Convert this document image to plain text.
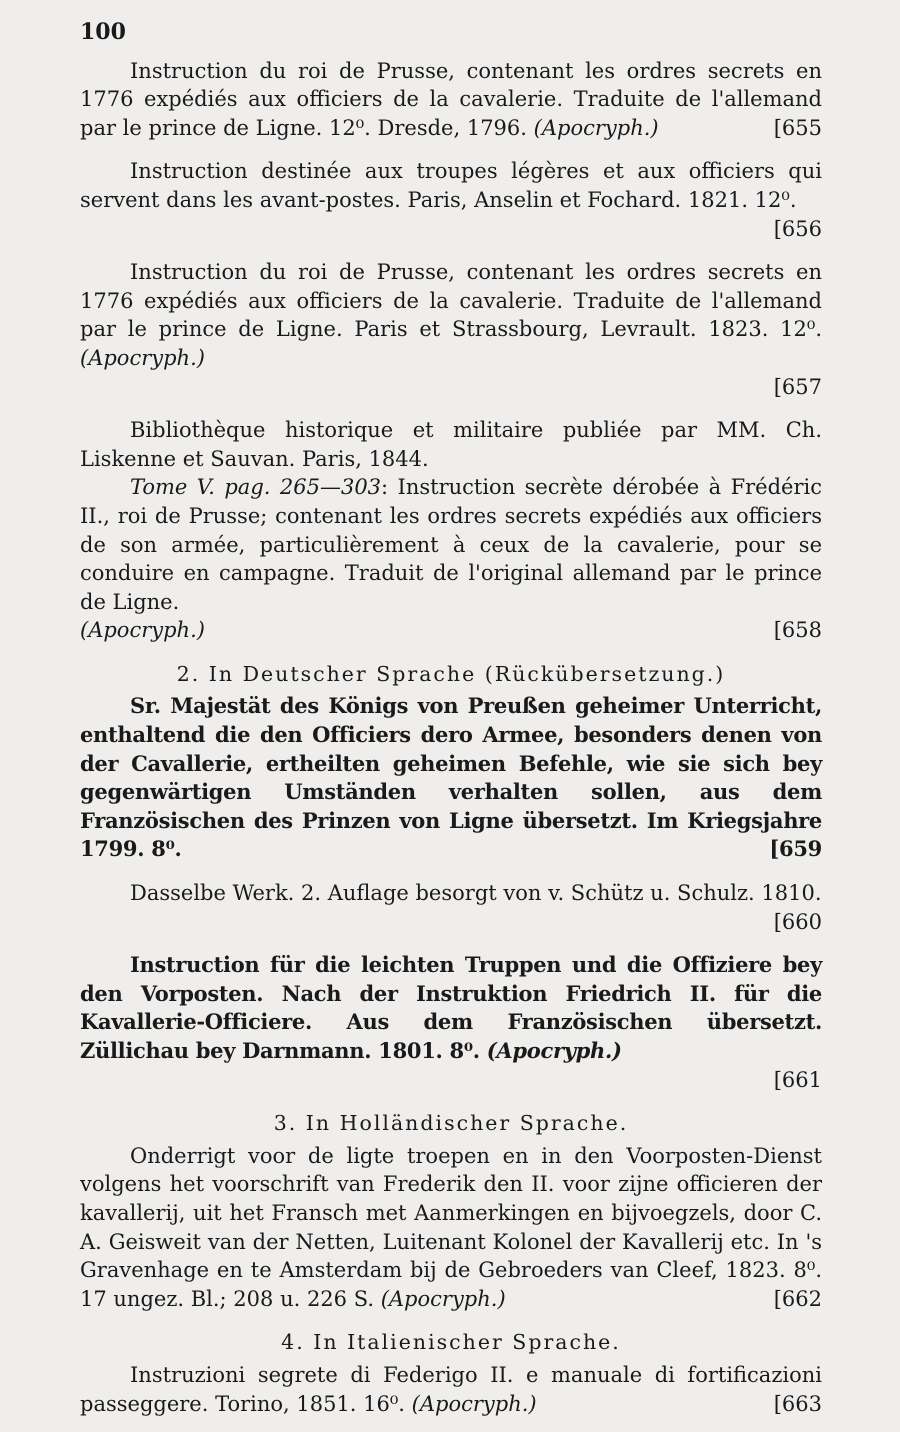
100

Instruction du roi de Prusse, contenant les ordres secrets en 1776 expédiés aux officiers de la cavalerie. Traduite de l'allemand par le prince de Ligne. 12⁰. Dresde, 1796. (Apocryph.)	[655

Instruction destinée aux troupes légères et aux officiers qui servent dans les avant-postes. Paris, Anselin et Fochard. 1821. 12⁰.

[656

Instruction du roi de Prusse, contenant les ordres secrets en 1776 expédiés aux officiers de la cavalerie. Traduite de l'allemand par le prince de Ligne. Paris et Strassbourg, Levrault. 1823. 12⁰. (Apocryph.)

[657

Bibliothèque historique et militaire publiée par MM. Ch. Liskenne et Sauvan. Paris, 1844.

Tome V. pag. 265—303: Instruction secrète dérobée à Frédéric II., roi de Prusse; contenant les ordres secrets expédiés aux officiers de son armée, particulièrement à ceux de la cavalerie, pour se conduire en campagne. Traduit de l'original allemand par le prince de Ligne.

(Apocryph.)	[658
2. In Deutscher Sprache (Rückübersetzung.)

Sr. Majestät des Königs von Preußen geheimer Unterricht, enthaltend die den Officiers dero Armee, besonders denen von der Cavallerie, ertheilten geheimen Befehle, wie sie sich bey gegenwärtigen Umständen verhalten sollen, aus dem Französischen des Prinzen von Ligne übersetzt. Im Kriegsjahre 1799. 8⁰.	[659

Dasselbe Werk. 2. Auflage besorgt von v. Schütz u. Schulz. 1810.

[660

Instruction für die leichten Truppen und die Offiziere bey den Vorposten. Nach der Instruktion Friedrich II. für die Kavallerie-Officiere. Aus dem Französischen übersetzt. Züllichau bey Darnmann. 1801. 8⁰. (Apocryph.)

[661
3. In Holländischer Sprache.

Onderrigt voor de ligte troepen en in den Voorposten-Dienst volgens het voorschrift van Frederik den II. voor zijne officieren der kavallerij, uit het Fransch met Aanmerkingen en bijvoegzels, door C. A. Geisweit van der Netten, Luitenant Kolonel der Kavallerij etc. In 's Gravenhage en te Amsterdam bij de Gebroeders van Cleef, 1823. 8⁰. 17 ungez. Bl.; 208 u. 226 S. (Apocryph.)	[662

4. In Italienischer Sprache.

Instruzioni segrete di Federigo II. e manuale di fortificazioni passeggere. Torino, 1851. 16⁰. (Apocryph.)	[663
